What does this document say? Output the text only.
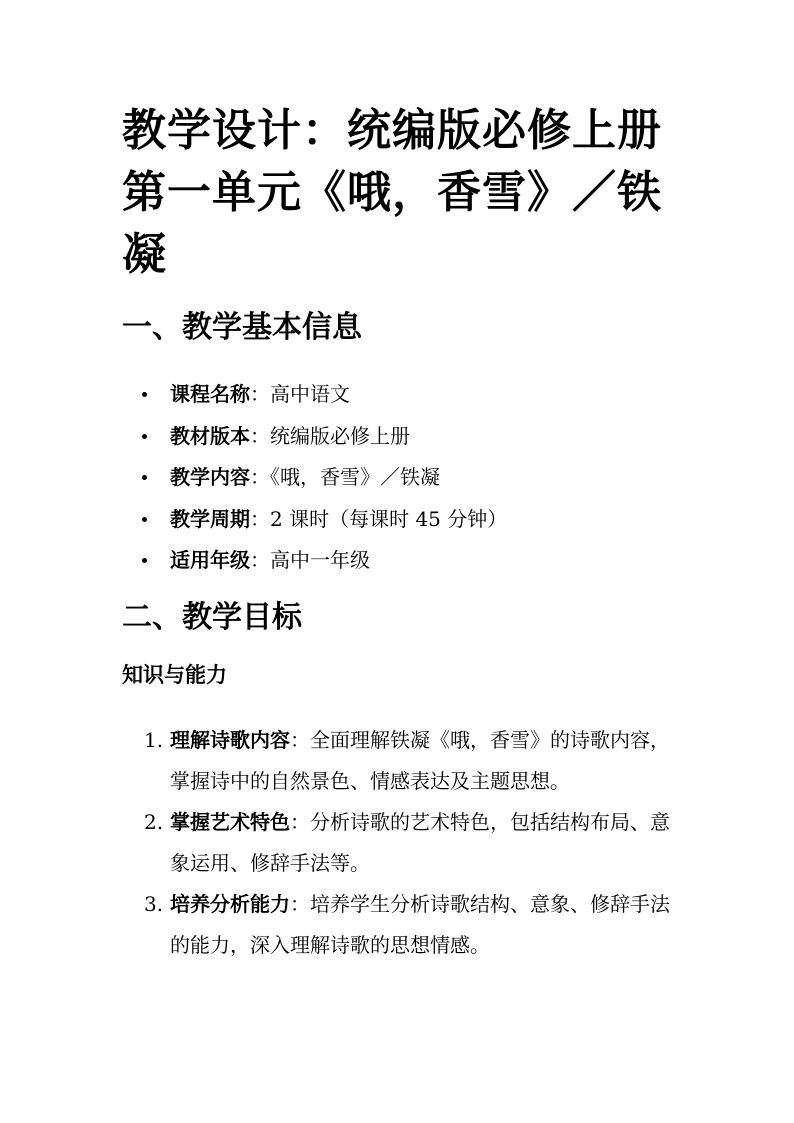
教学设计：统编版必修上册第一单元《哦，香雪》／铁凝
一、教学基本信息
课程名称：高中语文
教材版本：统编版必修上册
教学内容：《哦，香雪》／铁凝
教学周期：2 课时（每课时 45 分钟）
适用年级：高中一年级
二、教学目标
知识与能力
1. 理解诗歌内容：全面理解铁凝《哦，香雪》的诗歌内容，掌握诗中的自然景色、情感表达及主题思想。
2. 掌握艺术特色：分析诗歌的艺术特色，包括结构布局、意象运用、修辞手法等。
3. 培养分析能力：培养学生分析诗歌结构、意象、修辞手法的能力，深入理解诗歌的思想情感。
